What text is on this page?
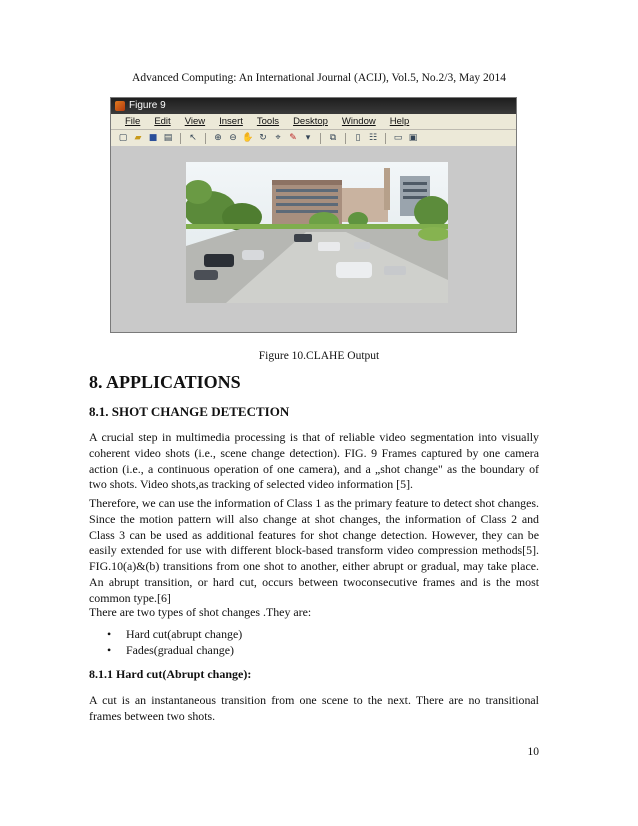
Advanced Computing: An International Journal (ACIJ), Vol.5, No.2/3, May 2014
Figure 9
File Edit View Insert Tools Desktop Window Help
▢ ▰ ■ ▤ ↖ ⊕ ⊖ ✋ ↻ ⌖ ✎ ▾	⧉	▯ ☷ ▭ ▣
Figure 10.CLAHE Output
8. APPLICATIONS
8.1. SHOT CHANGE DETECTION

A crucial step in multimedia processing is that of reliable video segmentation into visually coherent video shots (i.e., scene change detection). FIG. 9 Frames captured by one camera action (i.e., a continuous operation of one camera), and a „shot change" as the boundary of two shots. Video shots,as tracking of selected video information [5].

Therefore, we can use the information of Class 1 as the primary feature to detect shot changes. Since the motion pattern will also change at shot changes, the information of Class 2 and Class 3 can be used as additional features for shot change detection. However, they can be easily extended for use with different block-based transform video compression methods[5]. FIG.10(a)&(b) transitions from one shot to another, either abrupt or gradual, may take place. An abrupt transition, or hard cut, occurs between twoconsecutive frames and is the most common type.[6]

There are two types of shot changes .They are:

• Hard cut(abrupt change)
• Fades(gradual change)
8.1.1 Hard cut(Abrupt change):

A cut is an instantaneous transition from one scene to the next. There are no transitional frames between two shots.

10
